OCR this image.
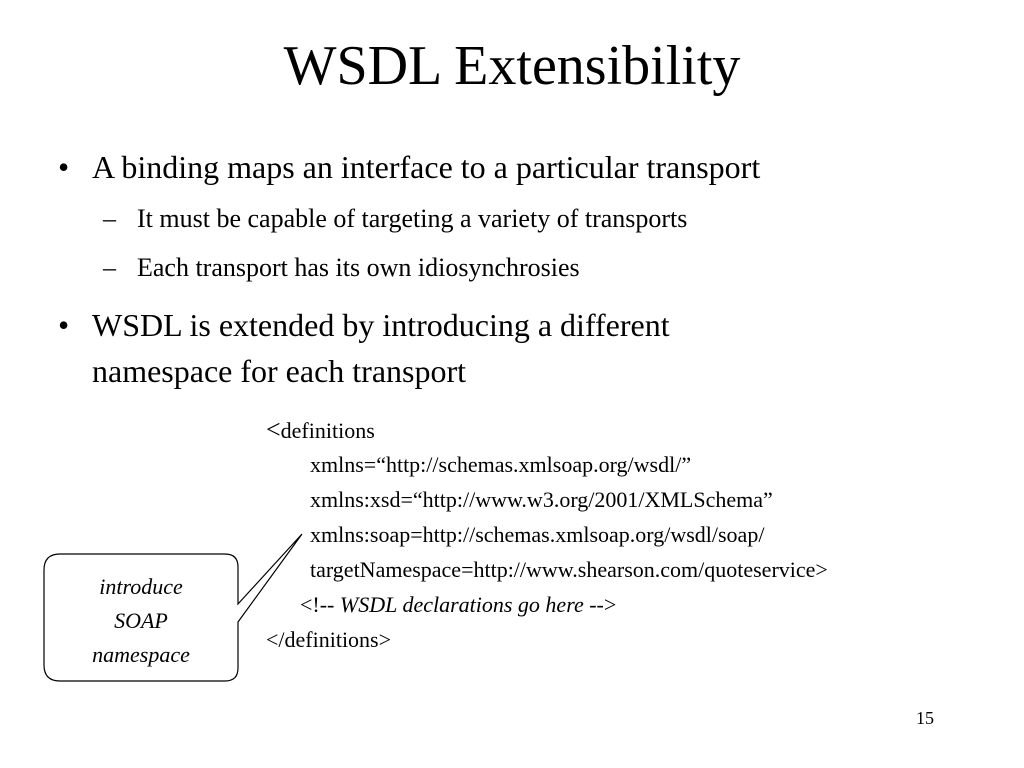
WSDL Extensibility
• A binding maps an interface to a particular transport
– It must be capable of targeting a variety of transports
– Each transport has its own idiosynchrosies
• WSDL is extended by introducing a different
namespace for each transport
introduce
SOAP
namespace
<definitions
xmlns=“http://schemas.xmlsoap.org/wsdl/”
xmlns:xsd=“http://www.w3.org/2001/XMLSchema”
xmlns:soap=http://schemas.xmlsoap.org/wsdl/soap/
targetNamespace=http://www.shearson.com/quoteservice>
<!-- WSDL declarations go here -->
</definitions>
15
